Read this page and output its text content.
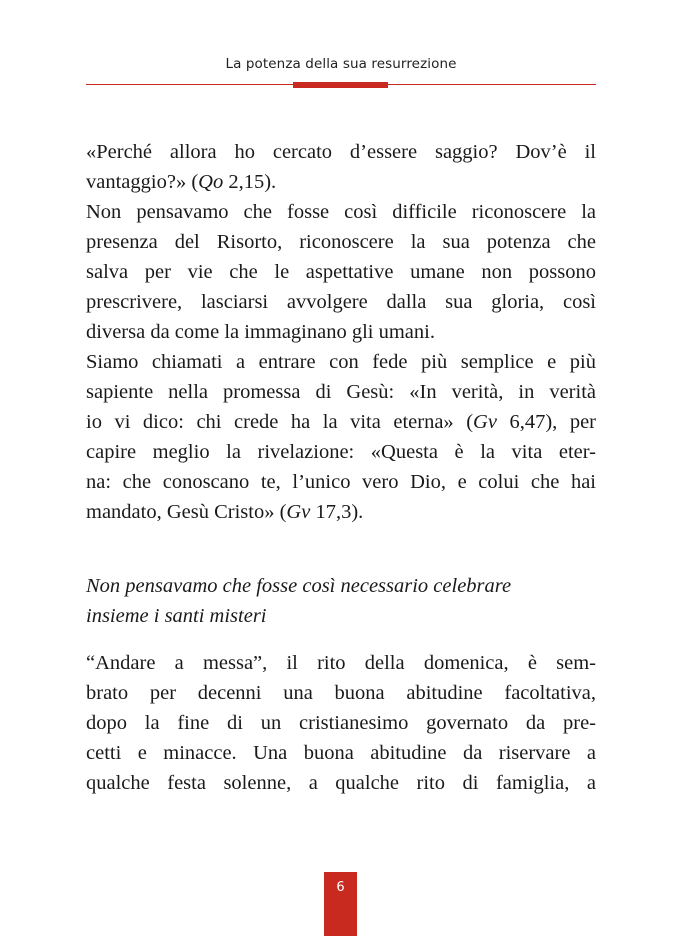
La potenza della sua resurrezione
«Perché allora ho cercato d’essere saggio? Dov’è il
vantaggio?» (Qo 2,15).
Non pensavamo che fosse così difficile riconoscere la
presenza del Risorto, riconoscere la sua potenza che
salva per vie che le aspettative umane non possono
prescrivere, lasciarsi avvolgere dalla sua gloria, così
diversa da come la immaginano gli umani.
Siamo chiamati a entrare con fede più semplice e più
sapiente nella promessa di Gesù: «In verità, in verità
io vi dico: chi crede ha la vita eterna» (Gv 6,47), per
capire meglio la rivelazione: «Questa è la vita eter-
na: che conoscano te, l’unico vero Dio, e colui che hai
mandato, Gesù Cristo» (Gv 17,3).
Non pensavamo che fosse così necessario celebrare
insieme i santi misteri
“Andare a messa”, il rito della domenica, è sem-
brato per decenni una buona abitudine facoltativa,
dopo la fine di un cristianesimo governato da pre-
cetti e minacce. Una buona abitudine da riservare a
qualche festa solenne, a qualche rito di famiglia, a
6
